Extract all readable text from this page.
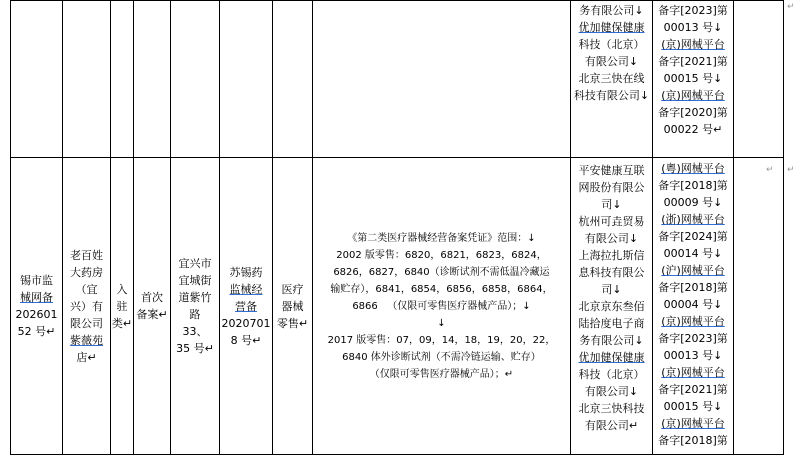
务有限公司↓
优加健保健康
科技（北京）
有限公司↓
北京三快在线
科技有限公司↓
备字[2023]第
00013 号↓
(京)网械平台
备字[2021]第
00015 号↓
(京)网械平台
备字[2020]第
00022 号↵
↵
锡市监
械网备
202601
52 号↵
老百姓
大药房
（宜
兴）有
限公司
紫薇苑
店↵
入
驻
类↵
首次
备案↵
宜兴市
宜城街
道紫竹
路
33、
35 号↵
苏锡药
监械经
营备
2020701
8 号↵
医疗
器械
零售↵
《第二类医疗器械经营备案凭证》范围：↓
2002 版零售：6820，6821，6823，6824，
6826，6827，6840（诊断试剂不需低温冷藏运
输贮存），6841，6854，6856，6858，6864，
6866   （仅限可零售医疗器械产品）；↓
↓
2017 版零售：07，09，14，18，19，20，22，
6840 体外诊断试剂（不需冷链运输、贮存）
（仅限可零售医疗器械产品）；↵
平安健康互联
网股份有限公
司↓
杭州可垚贸易
有限公司↓
上海拉扎斯信
息科技有限公
司↓
北京京东叁佰
陆拾度电子商
务有限公司↓
优加健保健康
科技（北京）
有限公司↓
北京三快科技
有限公司↵
(粤)网械平台
备字[2018]第
00009 号↓
(浙)网械平台
备字[2024]第
00014 号↓
(沪)网械平台
备字[2018]第
00004 号↓
(京)网械平台
备字[2023]第
00013 号↓
(京)网械平台
备字[2021]第
00015 号↓
(京)网械平台
备字[2018]第
↵ ↵
